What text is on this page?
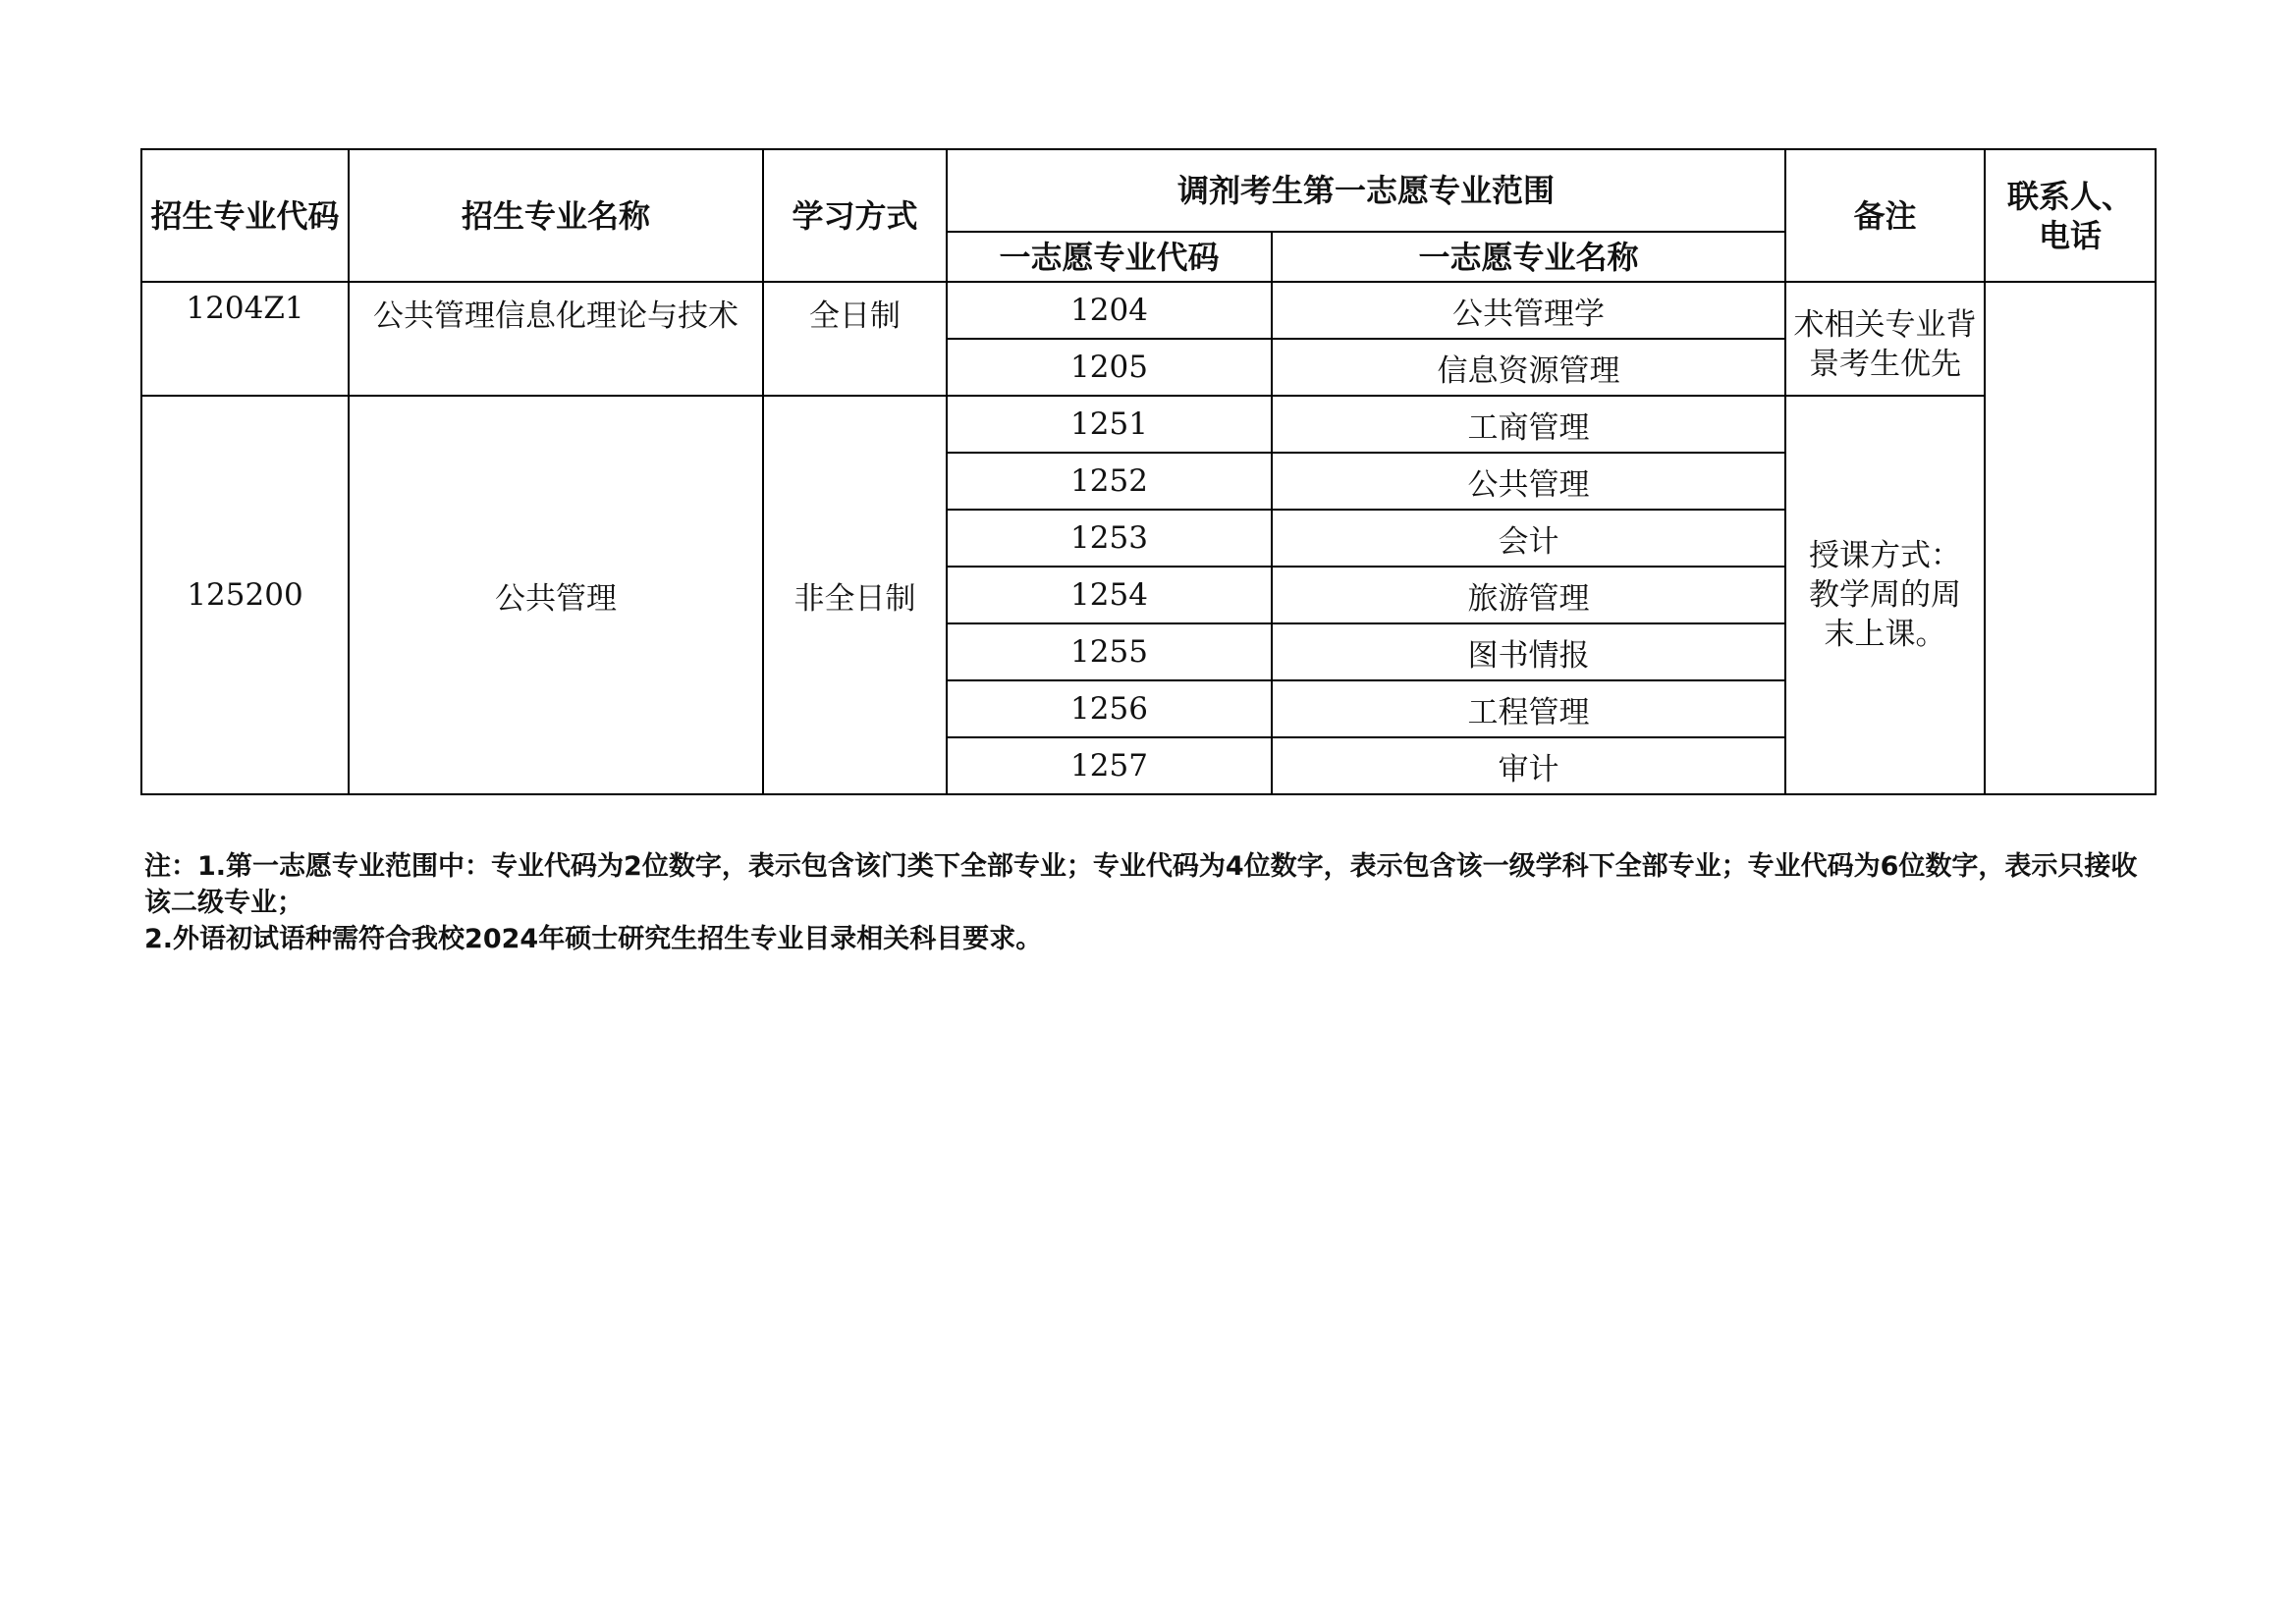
招生专业代码	招生专业名称	学习方式	调剂考生第一志愿专业范围		备注	联系人、电话
			一志愿专业代码	一志愿专业名称		
1204Z1	公共管理信息化理论与技术	全日制	1204	公共管理学	术相关专业背景考生优先	

			1205	信息资源管理		
125200	公共管理	非全日制	1251	工商管理	授课方式：教学周的周末上课。	
			1252	公共管理		
			1253	会计		
			1254	旅游管理		
			1255	图书情报		
			1256	工程管理		
			1257	审计		
注：1.第一志愿专业范围中：专业代码为2位数字，表示包含该门类下全部专业；专业代码为4位数字，表示包含该一级学科下全部专业；专业代码为6位数字，表示只接收该二级专业；
2.外语初试语种需符合我校2024年硕士研究生招生专业目录相关科目要求。
